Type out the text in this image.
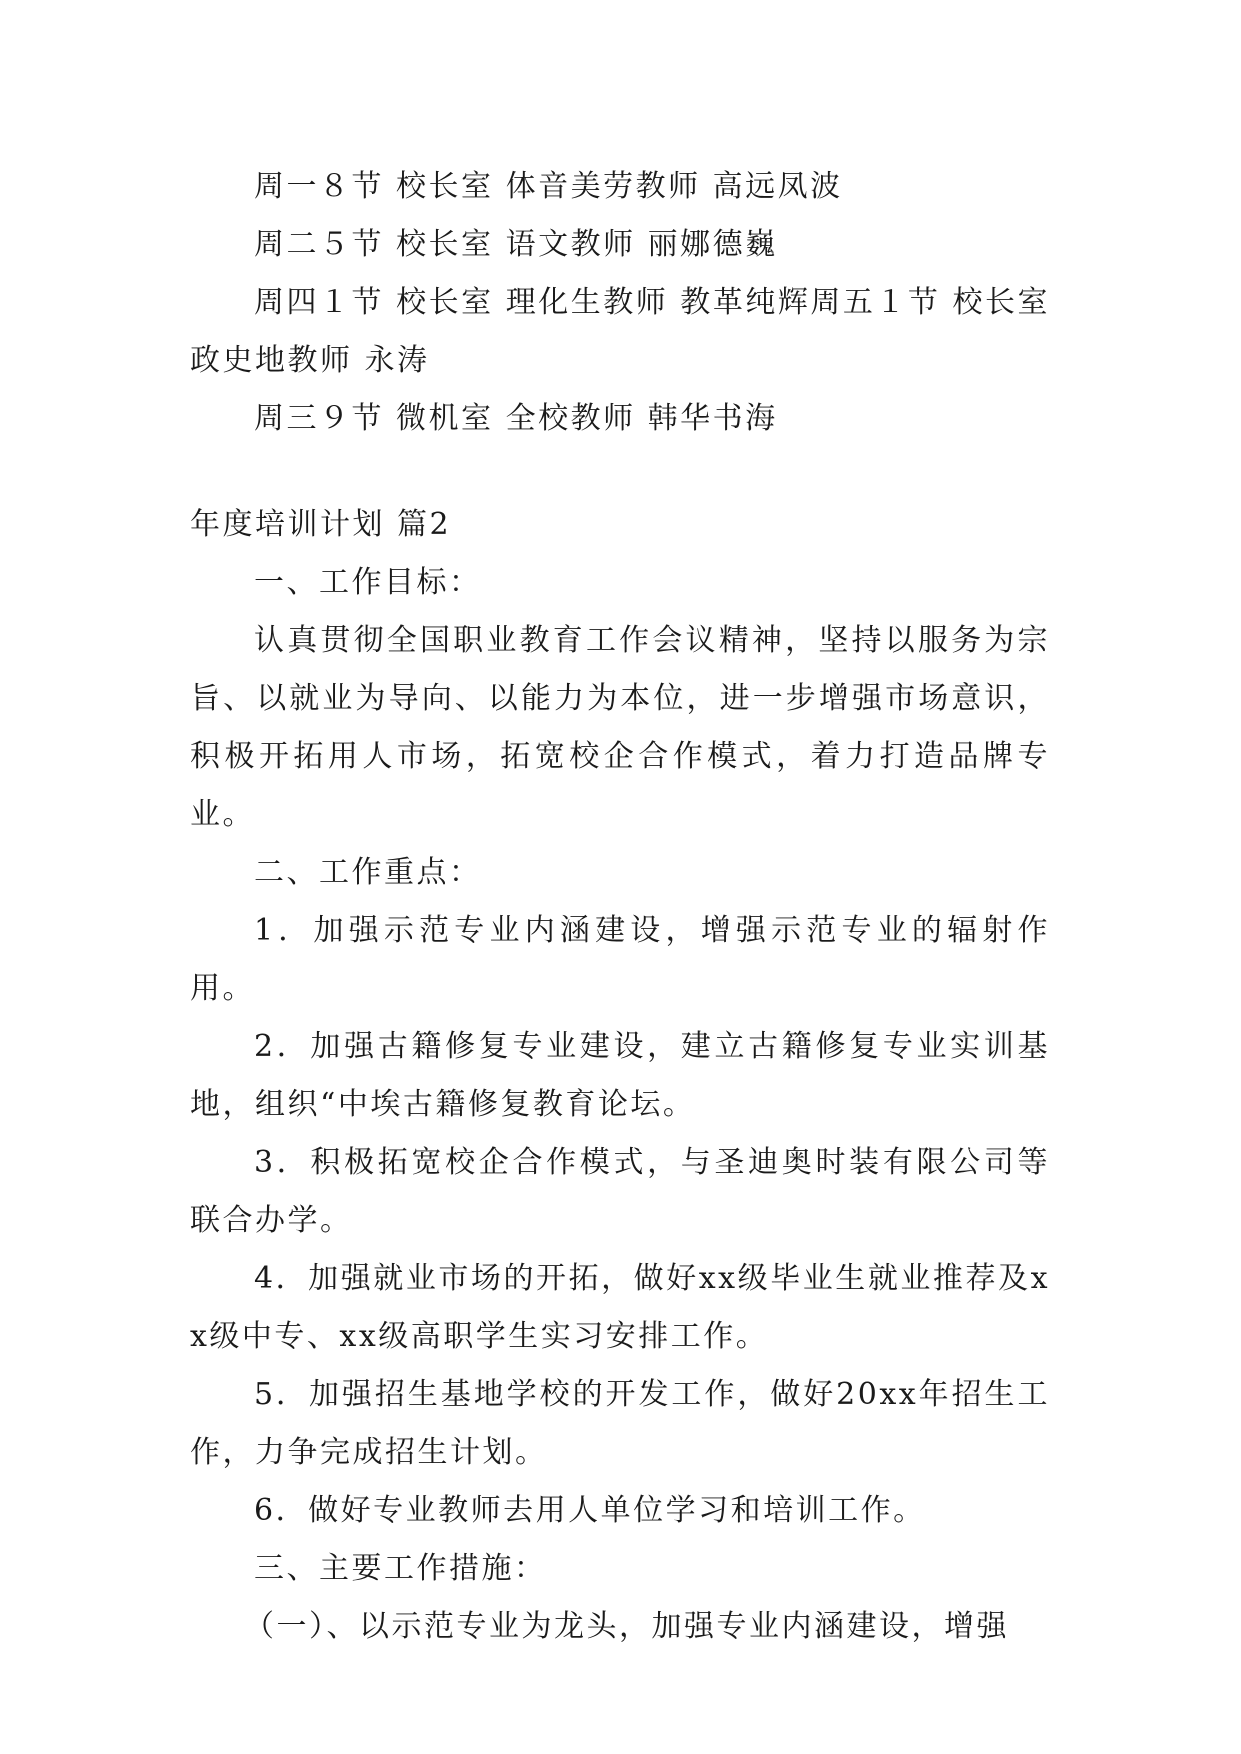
周一８节 校长室 体音美劳教师 高远凤波

周二５节 校长室 语文教师 丽娜德巍

周四１节 校长室 理化生教师 教革纯辉周五１节 校长室 政史地教师 永涛

周三９节 微机室 全校教师 韩华书海

年度培训计划 篇2

一、工作目标：

认真贯彻全国职业教育工作会议精神，坚持以服务为宗旨、以就业为导向、以能力为本位，进一步增强市场意识，积极开拓用人市场，拓宽校企合作模式，着力打造品牌专业。

二、工作重点：

1．加强示范专业内涵建设，增强示范专业的辐射作用。

2．加强古籍修复专业建设，建立古籍修复专业实训基地，组织“中埃古籍修复教育论坛。

3．积极拓宽校企合作模式，与圣迪奥时装有限公司等联合办学。

4．加强就业市场的开拓，做好xx级毕业生就业推荐及xx级中专、xx级高职学生实习安排工作。

5．加强招生基地学校的开发工作，做好20xx年招生工作，力争完成招生计划。

6．做好专业教师去用人单位学习和培训工作。

三、主要工作措施：

（一）、以示范专业为龙头，加强专业内涵建设，增强
